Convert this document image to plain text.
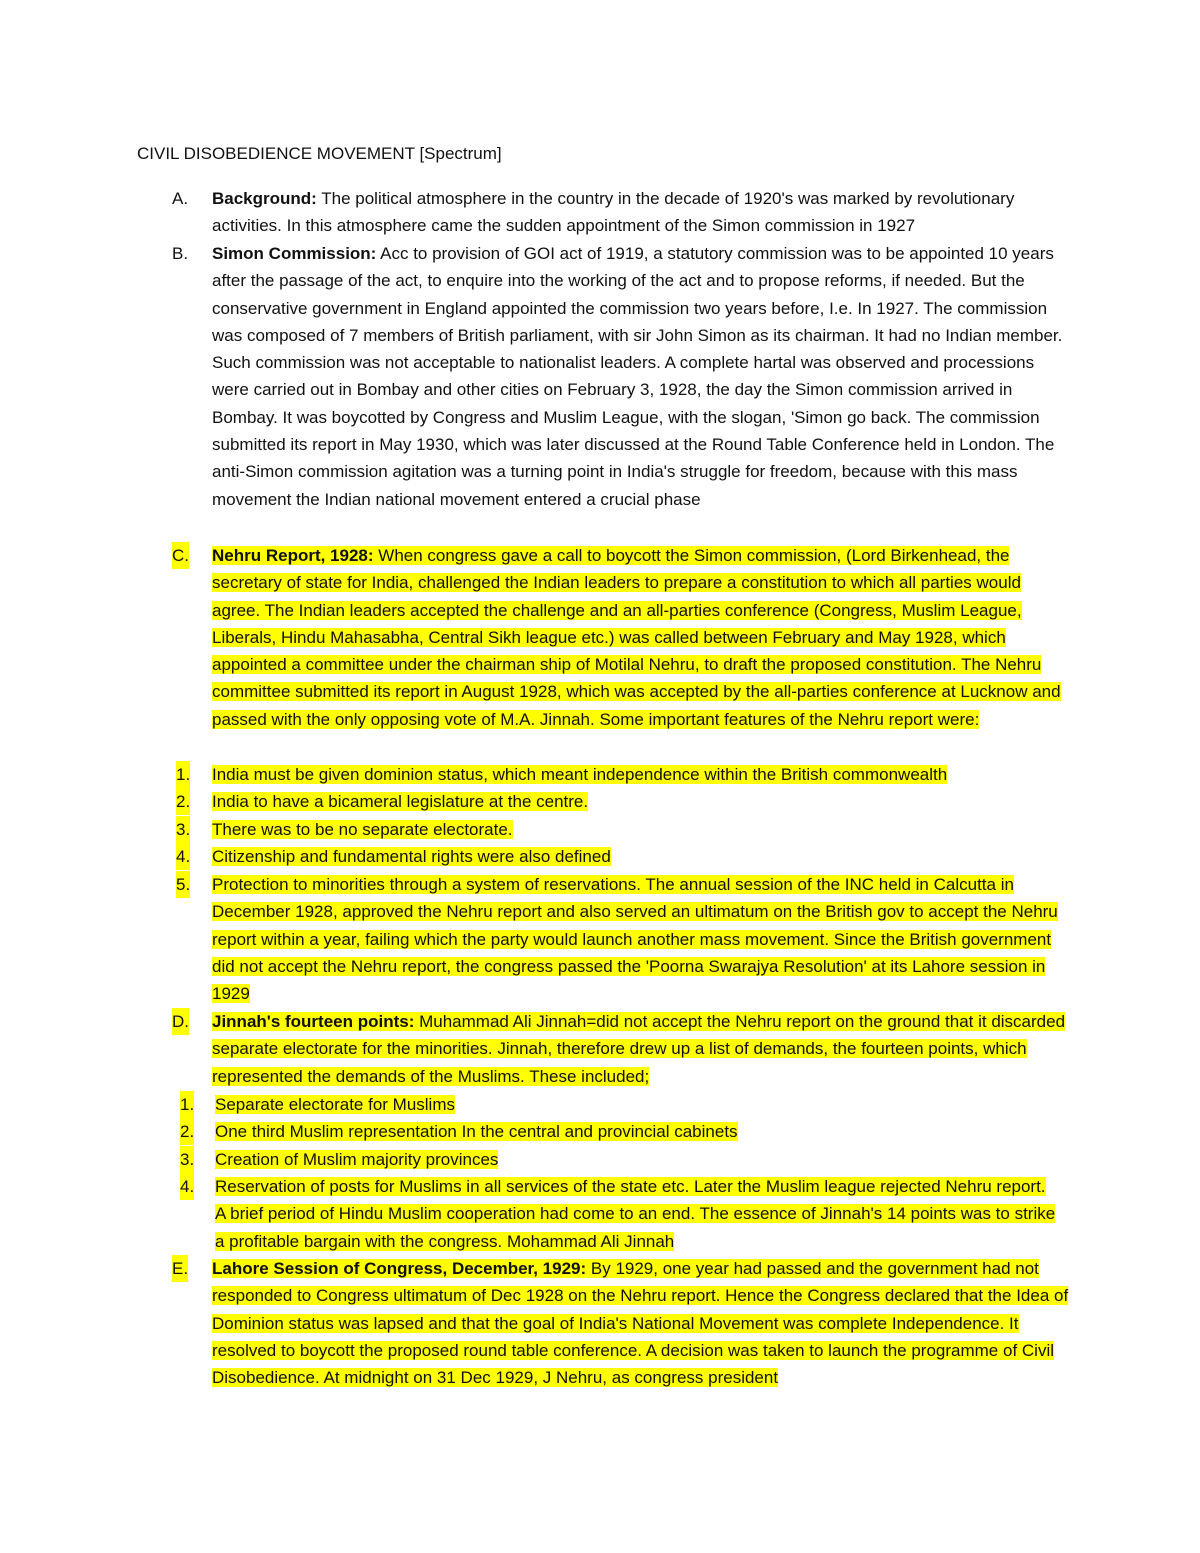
CIVIL DISOBEDIENCE MOVEMENT [Spectrum]
A. Background: The political atmosphere in the country in the decade of 1920's was marked by revolutionary activities. In this atmosphere came the sudden appointment of the Simon commission in 1927
B. Simon Commission: Acc to provision of GOI act of 1919, a statutory commission was to be appointed 10 years after the passage of the act, to enquire into the working of the act and to propose reforms, if needed. But the conservative government in England appointed the commission two years before, I.e. In 1927. The commission was composed of 7 members of British parliament, with sir John Simon as its chairman. It had no Indian member. Such commission was not acceptable to nationalist leaders. A complete hartal was observed and processions were carried out in Bombay and other cities on February 3, 1928, the day the Simon commission arrived in Bombay. It was boycotted by Congress and Muslim League, with the slogan, 'Simon go back. The commission submitted its report in May 1930, which was later discussed at the Round Table Conference held in London. The anti-Simon commission agitation was a turning point in India's struggle for freedom, because with this mass movement the Indian national movement entered a crucial phase
C. Nehru Report, 1928: When congress gave a call to boycott the Simon commission, (Lord Birkenhead, the secretary of state for India, challenged the Indian leaders to prepare a constitution to which all parties would agree. The Indian leaders accepted the challenge and an all-parties conference (Congress, Muslim League, Liberals, Hindu Mahasabha, Central Sikh league etc.) was called between February and May 1928, which appointed a committee under the chairman ship of Motilal Nehru, to draft the proposed constitution. The Nehru committee submitted its report in August 1928, which was accepted by the all-parties conference at Lucknow and passed with the only opposing vote of M.A. Jinnah. Some important features of the Nehru report were:
1. India must be given dominion status, which meant independence within the British commonwealth
2. India to have a bicameral legislature at the centre.
3. There was to be no separate electorate.
4. Citizenship and fundamental rights were also defined
5. Protection to minorities through a system of reservations. The annual session of the INC held in Calcutta in December 1928, approved the Nehru report and also served an ultimatum on the British gov to accept the Nehru report within a year, failing which the party would launch another mass movement. Since the British government did not accept the Nehru report, the congress passed the 'Poorna Swarajya Resolution' at its Lahore session in 1929
D. Jinnah's fourteen points: Muhammad Ali Jinnah=did not accept the Nehru report on the ground that it discarded separate electorate for the minorities. Jinnah, therefore drew up a list of demands, the fourteen points, which represented the demands of the Muslims. These included;
1. Separate electorate for Muslims
2. One third Muslim representation In the central and provincial cabinets
3. Creation of Muslim majority provinces
4. Reservation of posts for Muslims in all services of the state etc. Later the Muslim league rejected Nehru report. A brief period of Hindu Muslim cooperation had come to an end. The essence of Jinnah's 14 points was to strike a profitable bargain with the congress. Mohammad Ali Jinnah
E. Lahore Session of Congress, December, 1929: By 1929, one year had passed and the government had not responded to Congress ultimatum of Dec 1928 on the Nehru report. Hence the Congress declared that the Idea of Dominion status was lapsed and that the goal of India's National Movement was complete Independence. It resolved to boycott the proposed round table conference. A decision was taken to launch the programme of Civil Disobedience. At midnight on 31 Dec 1929, J Nehru, as congress president
